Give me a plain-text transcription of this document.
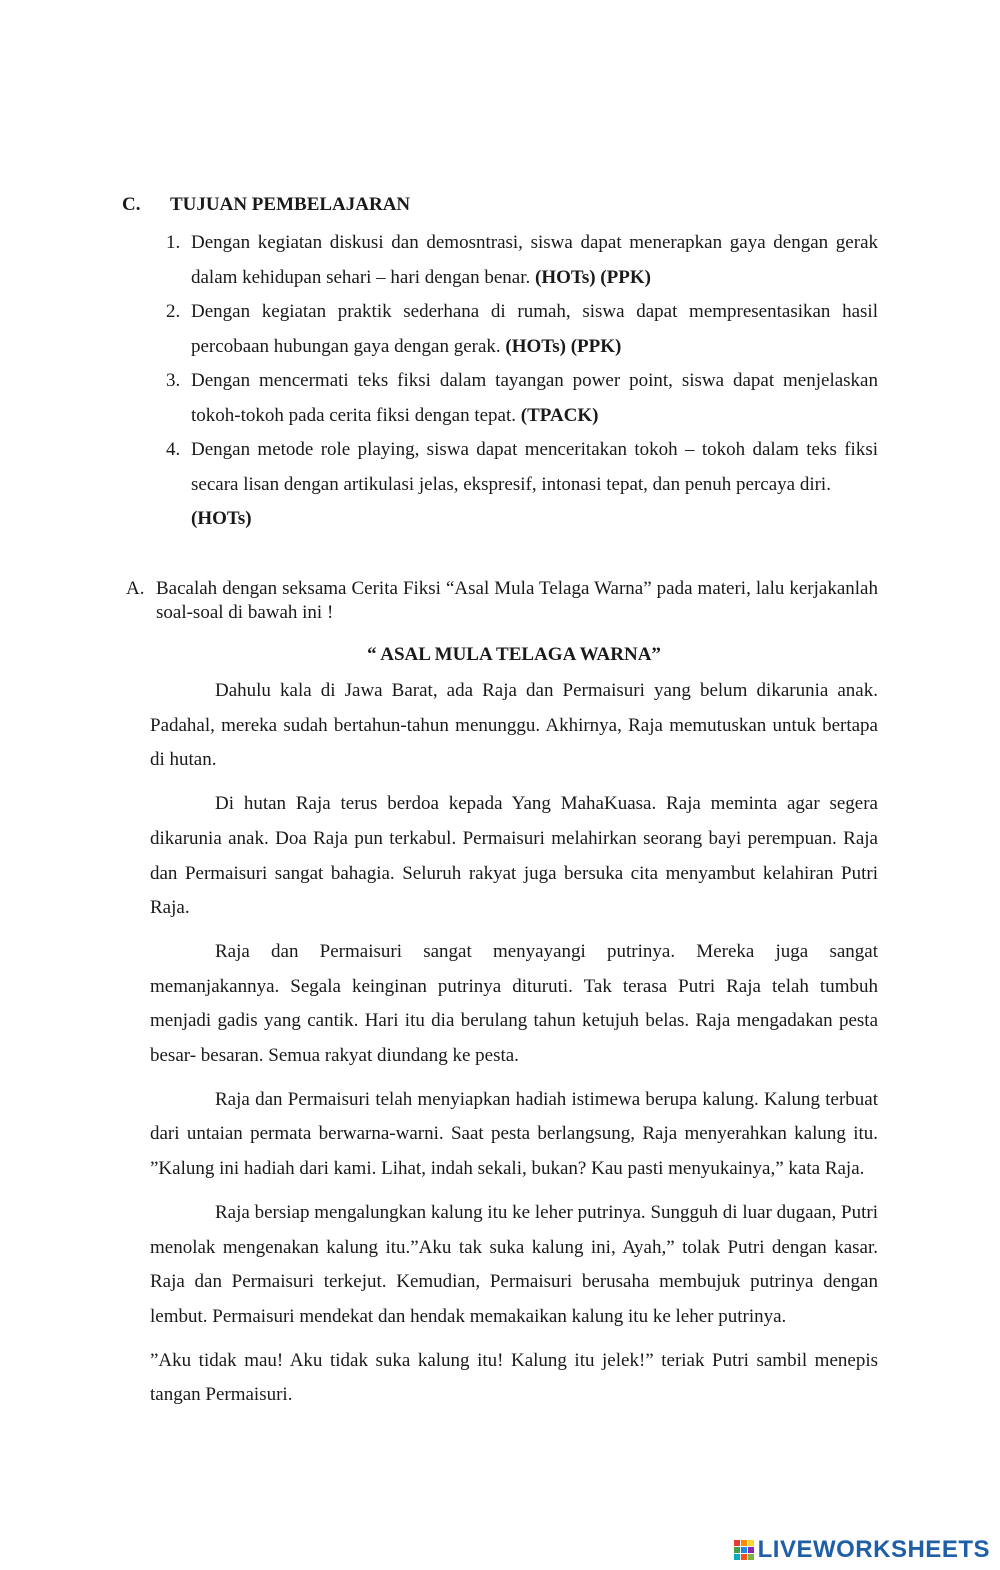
C. TUJUAN PEMBELAJARAN
1. Dengan kegiatan diskusi dan demosntrasi, siswa dapat menerapkan gaya dengan gerak dalam kehidupan sehari – hari dengan benar. (HOTs) (PPK)
2. Dengan kegiatan praktik sederhana di rumah, siswa dapat mempresentasikan hasil percobaan hubungan gaya dengan gerak. (HOTs) (PPK)
3. Dengan mencermati teks fiksi dalam tayangan power point, siswa dapat menjelaskan tokoh-tokoh pada cerita fiksi dengan tepat. (TPACK)
4. Dengan metode role playing, siswa dapat menceritakan tokoh – tokoh dalam teks fiksi secara lisan dengan artikulasi jelas, ekspresif, intonasi tepat, dan penuh percaya diri.
(HOTs)
A. Bacalah dengan seksama Cerita Fiksi “Asal Mula Telaga Warna” pada materi, lalu kerjakanlah soal-soal di bawah ini !
“ ASAL MULA TELAGA WARNA”

Dahulu kala di Jawa Barat, ada Raja dan Permaisuri yang belum dikarunia anak. Padahal, mereka sudah bertahun-tahun menunggu. Akhirnya, Raja memutuskan untuk bertapa di hutan.

Di hutan Raja terus berdoa kepada Yang MahaKuasa. Raja meminta agar segera dikarunia anak. Doa Raja pun terkabul. Permaisuri melahirkan seorang bayi perempuan. Raja dan Permaisuri sangat bahagia. Seluruh rakyat juga bersuka cita menyambut kelahiran Putri Raja.

Raja dan Permaisuri sangat menyayangi putrinya. Mereka juga sangat memanjakannya. Segala keinginan putrinya dituruti. Tak terasa Putri Raja telah tumbuh menjadi gadis yang cantik. Hari itu dia berulang tahun ketujuh belas. Raja mengadakan pesta besar- besaran. Semua rakyat diundang ke pesta.

Raja dan Permaisuri telah menyiapkan hadiah istimewa berupa kalung. Kalung terbuat dari untaian permata berwarna-warni. Saat pesta berlangsung, Raja menyerahkan kalung itu. ”Kalung ini hadiah dari kami. Lihat, indah sekali, bukan? Kau pasti menyukainya,” kata Raja.

Raja bersiap mengalungkan kalung itu ke leher putrinya. Sungguh di luar dugaan, Putri menolak mengenakan kalung itu.”Aku tak suka kalung ini, Ayah,” tolak Putri dengan kasar. Raja dan Permaisuri terkejut. Kemudian, Permaisuri berusaha membujuk putrinya dengan lembut. Permaisuri mendekat dan hendak memakaikan kalung itu ke leher putrinya.

”Aku tidak mau! Aku tidak suka kalung itu! Kalung itu jelek!” teriak Putri sambil menepis tangan Permaisuri.

LIVEWORKSHEETS
